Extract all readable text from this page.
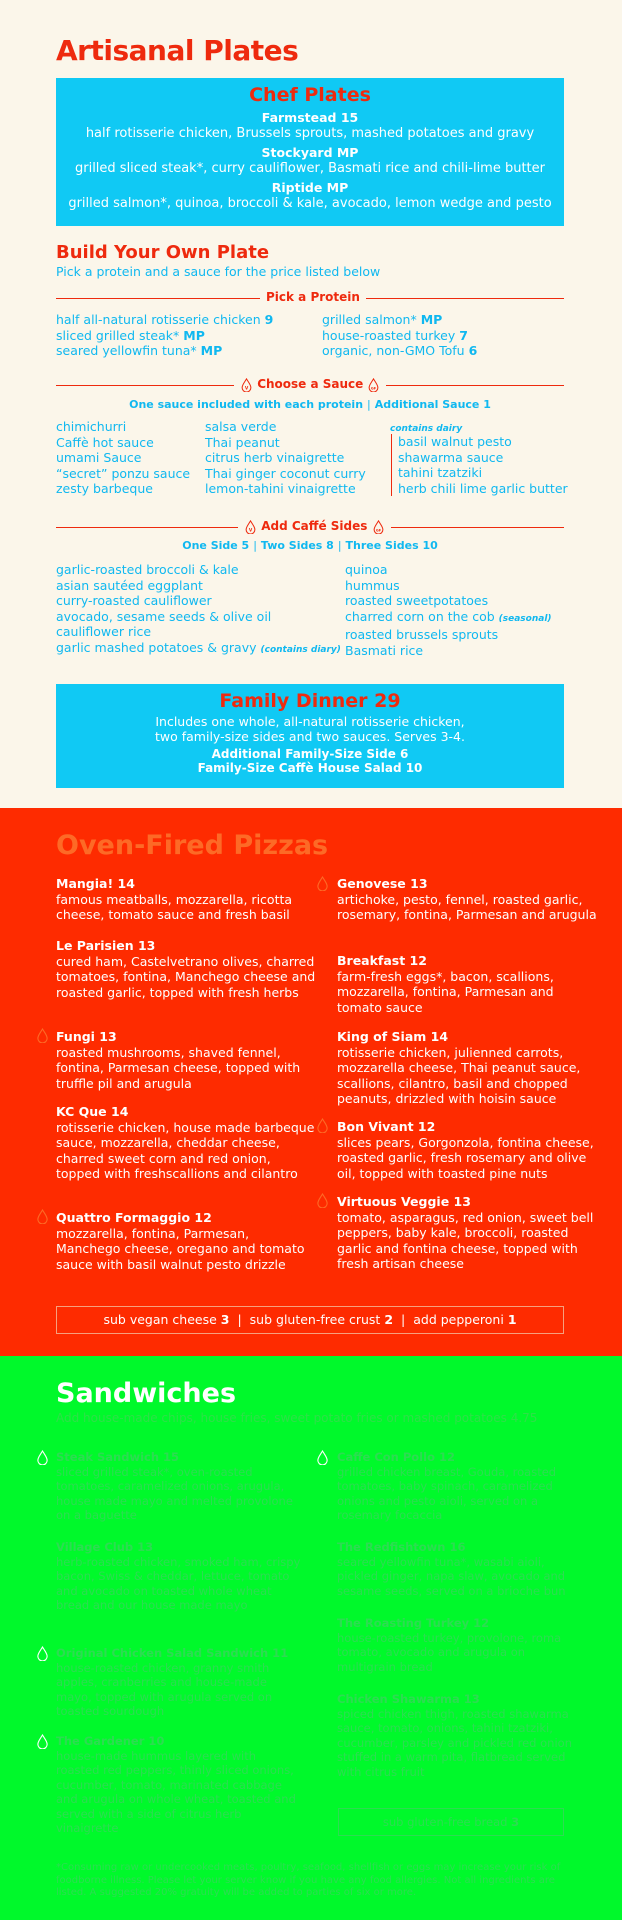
Artisanal Plates
Chef Plates
Farmstead 15
half rotisserie chicken, Brussels sprouts, mashed potatoes and gravy
Stockyard MP
grilled sliced steak*, curry cauliflower, Basmati rice and chili-lime butter
Riptide MP
grilled salmon*, quinoa, broccoli & kale, avocado, lemon wedge and pesto
Build Your Own Plate
Pick a protein and a sauce for the price listed below
Pick a Protein
half all-natural rotisserie chicken 9
sliced grilled steak* MP
seared yellowfin tuna* MP
grilled salmon* MP
house-roasted turkey 7
organic, non-GMO Tofu 6
V Choose a Sauce GF
One sauce included with each protein | Additional Sauce 1
chimichurri
Caffè hot sauce
umami Sauce
“secret” ponzu sauce
zesty barbeque
salsa verde
Thai peanut
citrus herb vinaigrette
Thai ginger coconut curry
lemon-tahini vinaigrette
contains dairy
basil walnut pesto
shawarma sauce
tahini tzatziki
herb chili lime garlic butter
V Add Caffé Sides GF
One Side 5 | Two Sides 8 | Three Sides 10
garlic-roasted broccoli & kale
asian sautéed eggplant
curry-roasted cauliflower
avocado, sesame seeds & olive oil
cauliflower rice
garlic mashed potatoes & gravy (contains diary)
quinoa
hummus
roasted sweetpotatoes
charred corn on the cob (seasonal)
roasted brussels sprouts
Basmati rice
Family Dinner 29
Includes one whole, all-natural rotisserie chicken,
two family-size sides and two sauces. Serves 3-4.
Additional Family-Size Side 6
Family-Size Caffè House Salad 10
Oven-Fired Pizzas
Mangia! 14
famous meatballs, mozzarella, ricotta cheese, tomato sauce and fresh basil
Le Parisien 13
cured ham, Castelvetrano olives, charred tomatoes, fontina, Manchego cheese and roasted garlic, topped with fresh herbs
Fungi 13
roasted mushrooms, shaved fennel, fontina, Parmesan cheese, topped with truffle pil and arugula
KC Que 14
rotisserie chicken, house made barbeque sauce, mozzarella, cheddar cheese, charred sweet corn and red onion, topped with freshscallions and cilantro
Quattro Formaggio 12
mozzarella, fontina, Parmesan, Manchego cheese, oregano and tomato sauce with basil walnut pesto drizzle
Genovese 13
artichoke, pesto, fennel, roasted garlic, rosemary, fontina, Parmesan and arugula
Breakfast 12
farm-fresh eggs*, bacon, scallions, mozzarella, fontina, Parmesan and tomato sauce
King of Siam 14
rotisserie chicken, julienned carrots, mozzarella cheese, Thai peanut sauce, scallions, cilantro, basil and chopped peanuts, drizzled with hoisin sauce
Bon Vivant 12
slices pears, Gorgonzola, fontina cheese, roasted garlic, fresh rosemary and olive oil, topped with toasted pine nuts
Virtuous Veggie 13
tomato, asparagus, red onion, sweet bell peppers, baby kale, broccoli, roasted garlic and fontina cheese, topped with fresh artisan cheese
sub vegan cheese 3 | sub gluten-free crust 2 | add pepperoni 1
Sandwiches
Add house-made chips, house fries, sweet potato fries or mashed potatoes 4.75
Steak Sandwich 15
sliced grilled steak*, oven-roasted tomatoes, caramelized onions, arugula, house made mayo and melted provolone on a baguette
Village Club 13
herb-roasted chicken, smoked ham, crispy bacon, Swiss & cheddar, lettuce, tomato and avocado on toasted whole wheat bread and our house made mayo
Original Chicken Salad Sandwich 11
house-roasted chicken, granny smith apples, cranberries and house-made mayo, topped with arugula served on toasted sourdough
The Gardener 10
house-made hummus layered with roasted red peppers, thinly sliced onions, cucumber, tomato, marinated cabbage and arugula on whole wheat, toasted and served with a side of citrus herb vinaigrette
Caffe Con Pollo 12
grilled chicken breast, Gouda, roasted tomatoes, baby spinach, caramelized onions and pesto aioli, served on a rosemary focaccia
The Redfishtown 16
seared yellowfin tuna*, wasabi aioli, pickled ginger, napa slaw, avocado and sesame seeds, served on a brioche bun
The Roasting Turkey 12
house-roasted turkey, provolone, roma tomato, avocado and arugula on multigrain bread
Chicken Shawarma 13
spiced chicken thigh, roasted shawarma sauce, tomato, onions, tahini tzatziki, cucumber, parsley and pickled red onion stuffed in a warm pita, flatbread served with citrus fruit
sub gluten-free bread 3
*Consuming raw or undercooked meats, poultry, seafood, shellfish or eggs may increase your risk of foodborne illness. Please let your server know if you have any food allergies. Not all ingredients are listed. A suggested 20% gratuity will be added to parties of six or more.
